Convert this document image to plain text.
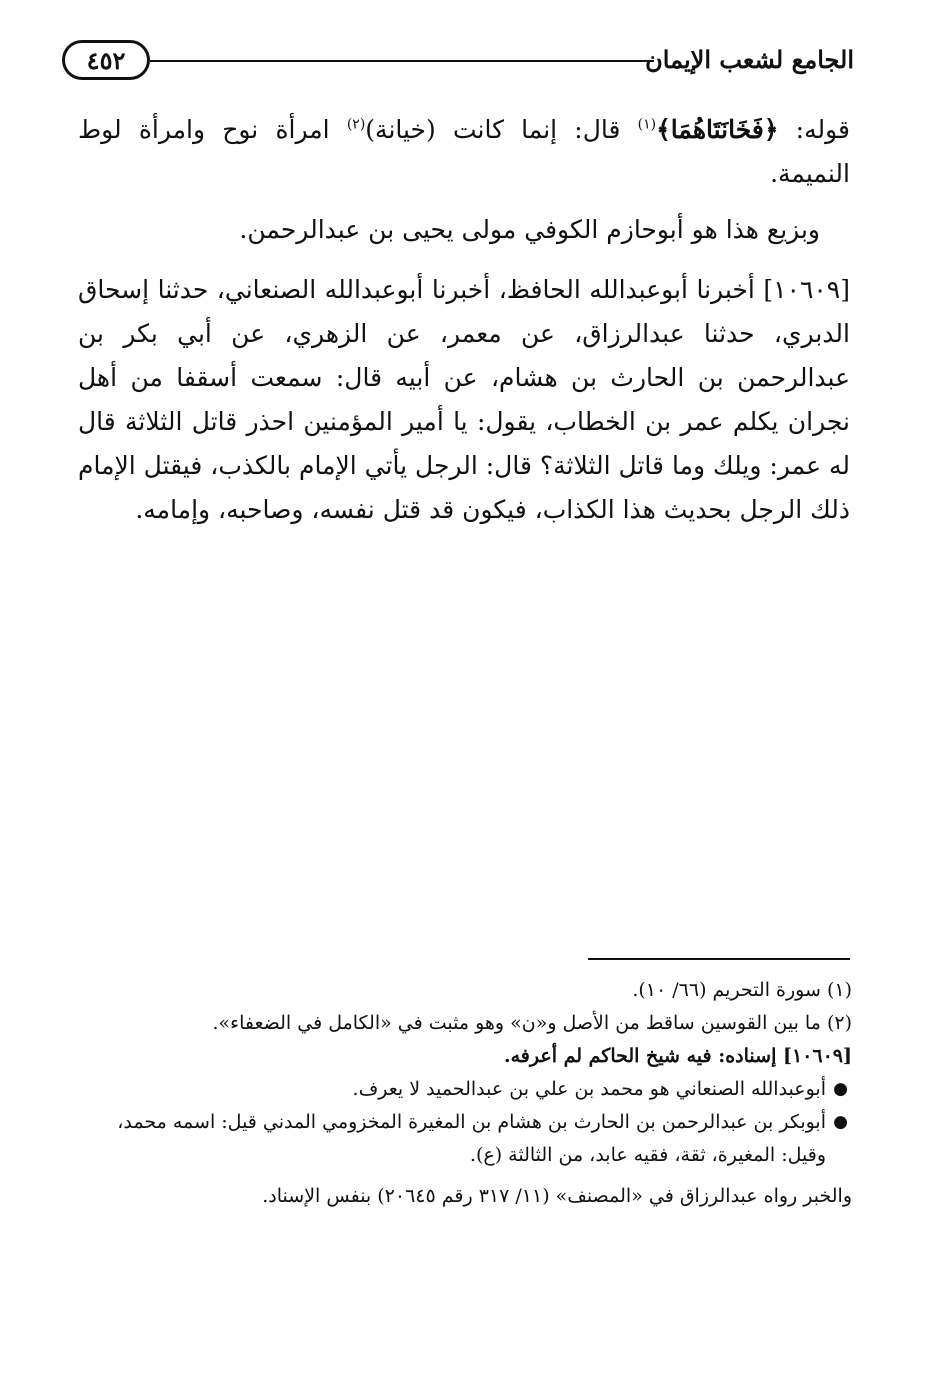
٤٥٢	الجامع لشعب الإيمان

قوله: ﴿فَخَانَتَاهُمَا﴾$^{(١)}$ قال: إنما كانت (خيانة)$^{(٢)}$ امرأة نوح وامرأة لوط النميمة.

وبزيع هذا هو أبوحازم الكوفي مولى يحيى بن عبدالرحمن.

[١٠٦٠٩] أخبرنا أبوعبدالله الحافظ، أخبرنا أبوعبدالله الصنعاني، حدثنا إسحاق الدبري، حدثنا عبدالرزاق، عن معمر، عن الزهري، عن أبي بكر بن عبدالرحمن بن الحارث بن هشام، عن أبيه قال: سمعت أسقفا من أهل نجران يكلم عمر بن الخطاب، يقول: يا أمير المؤمنين احذر قاتل الثلاثة قال له عمر: ويلك وما قاتل الثلاثة؟ قال: الرجل يأتي الإمام بالكذب، فيقتل الإمام ذلك الرجل بحديث هذا الكذاب، فيكون قد قتل نفسه، وصاحبه، وإمامه.

(١) سورة التحريم (٦٦/ ١٠).

(٢) ما بين القوسين ساقط من الأصل و«ن» وهو مثبت في «الكامل في الضعفاء».

[١٠٦٠٩] إسناده: فيه شيخ الحاكم لم أعرفه.

●
أبوعبدالله الصنعاني هو محمد بن علي بن عبدالحميد لا يعرف.

●
أبوبكر بن عبدالرحمن بن الحارث بن هشام بن المغيرة المخزومي المدني قيل: اسمه محمد،

وقيل: المغيرة، ثقة، فقيه عابد، من الثالثة (ع).

والخبر رواه عبدالرزاق في «المصنف» (١١/ ٣١٧ رقم ٢٠٦٤٥) بنفس الإسناد.
